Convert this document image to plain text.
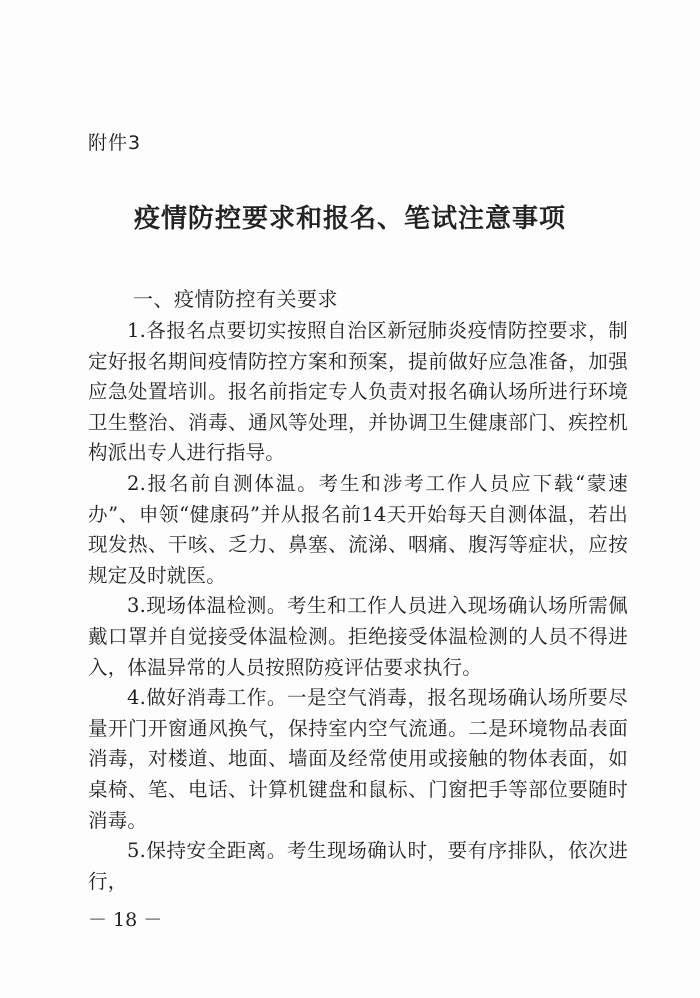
附件3
疫情防控要求和报名、笔试注意事项
一、疫情防控有关要求

1.各报名点要切实按照自治区新冠肺炎疫情防控要求，制定好报名期间疫情防控方案和预案，提前做好应急准备，加强应急处置培训。报名前指定专人负责对报名确认场所进行环境卫生整治、消毒、通风等处理，并协调卫生健康部门、疾控机构派出专人进行指导。

2.报名前自测体温。考生和涉考工作人员应下载“蒙速办”、申领“健康码”并从报名前14天开始每天自测体温，若出现发热、干咳、乏力、鼻塞、流涕、咽痛、腹泻等症状，应按规定及时就医。

3.现场体温检测。考生和工作人员进入现场确认场所需佩戴口罩并自觉接受体温检测。拒绝接受体温检测的人员不得进入，体温异常的人员按照防疫评估要求执行。

4.做好消毒工作。一是空气消毒，报名现场确认场所要尽量开门开窗通风换气，保持室内空气流通。二是环境物品表面消毒，对楼道、地面、墙面及经常使用或接触的物体表面，如桌椅、笔、电话、计算机键盘和鼠标、门窗把手等部位要随时消毒。

5.保持安全距离。考生现场确认时，要有序排队，依次进行，

－ 18 －
